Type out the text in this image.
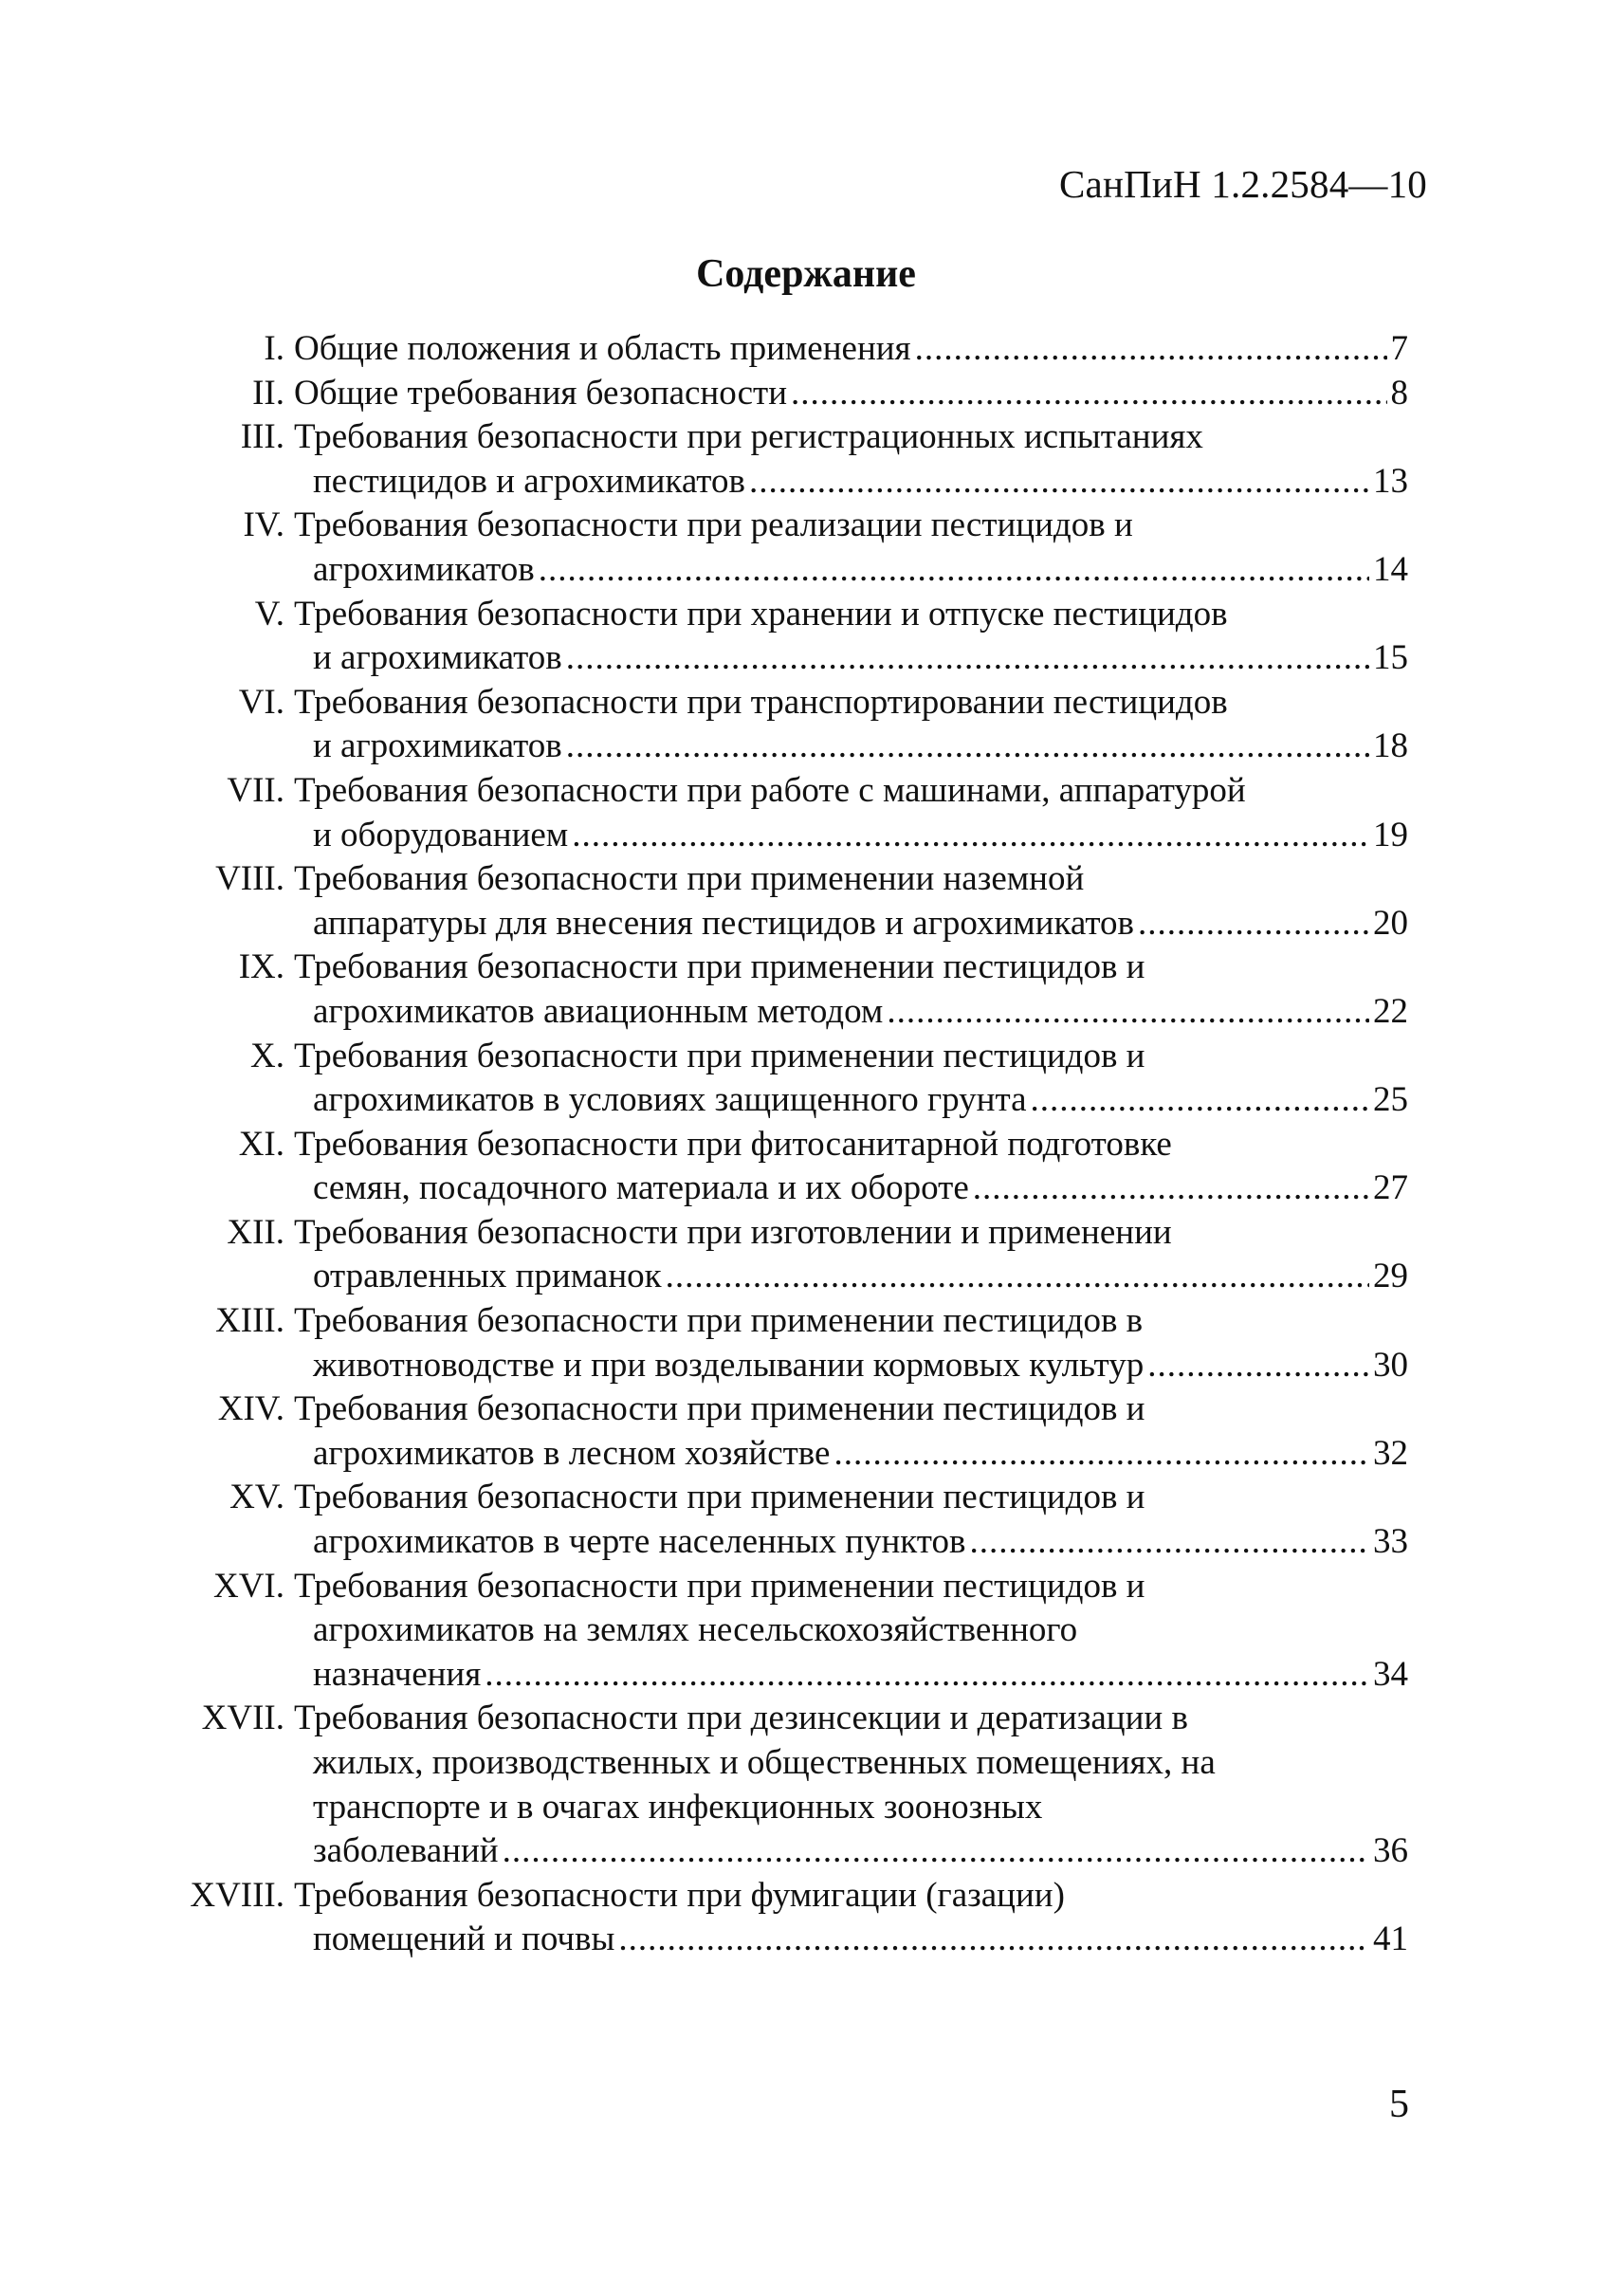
СанПиН 1.2.2584—10
Содержание
I. Общие положения и область применения .....	7
II. Общие требования безопасности .....	8
III. Требования безопасности при регистрационных испытаниях
пестицидов и агрохимикатов .....	13
IV. Требования безопасности при реализации пестицидов и
агрохимикатов .....	14
V. Требования безопасности при хранении и отпуске пестицидов
и агрохимикатов .....	15
VI. Требования безопасности при транспортировании пестицидов
и агрохимикатов .....	18
VII. Требования безопасности при работе с машинами, аппаратурой
и оборудованием .....	19
VIII. Требования безопасности при применении наземной
аппаратуры для внесения пестицидов и агрохимикатов .....	20
IX. Требования безопасности при применении пестицидов и
агрохимикатов авиационным методом .....	22
X. Требования безопасности при применении пестицидов и
агрохимикатов в условиях защищенного грунта .....	25
XI. Требования безопасности при фитосанитарной подготовке
семян, посадочного материала и их обороте .....	27
XII. Требования безопасности при изготовлении и применении
отравленных приманок .....	29
XIII. Требования безопасности при применении пестицидов в
животноводстве и при возделывании кормовых культур .....	30
XIV. Требования безопасности при применении пестицидов и
агрохимикатов в лесном хозяйстве .....	32
XV. Требования безопасности при применении пестицидов и
агрохимикатов в черте населенных пунктов .....	33
XVI. Требования безопасности при применении пестицидов и
агрохимикатов на землях несельскохозяйственного
назначения .....	34
XVII. Требования безопасности при дезинсекции и дератизации в
жилых, производственных и общественных помещениях, на
транспорте и в очагах инфекционных зоонозных
заболеваний .....	36
XVIII. Требования безопасности при фумигации (газации)
помещений и почвы .....	41
5
